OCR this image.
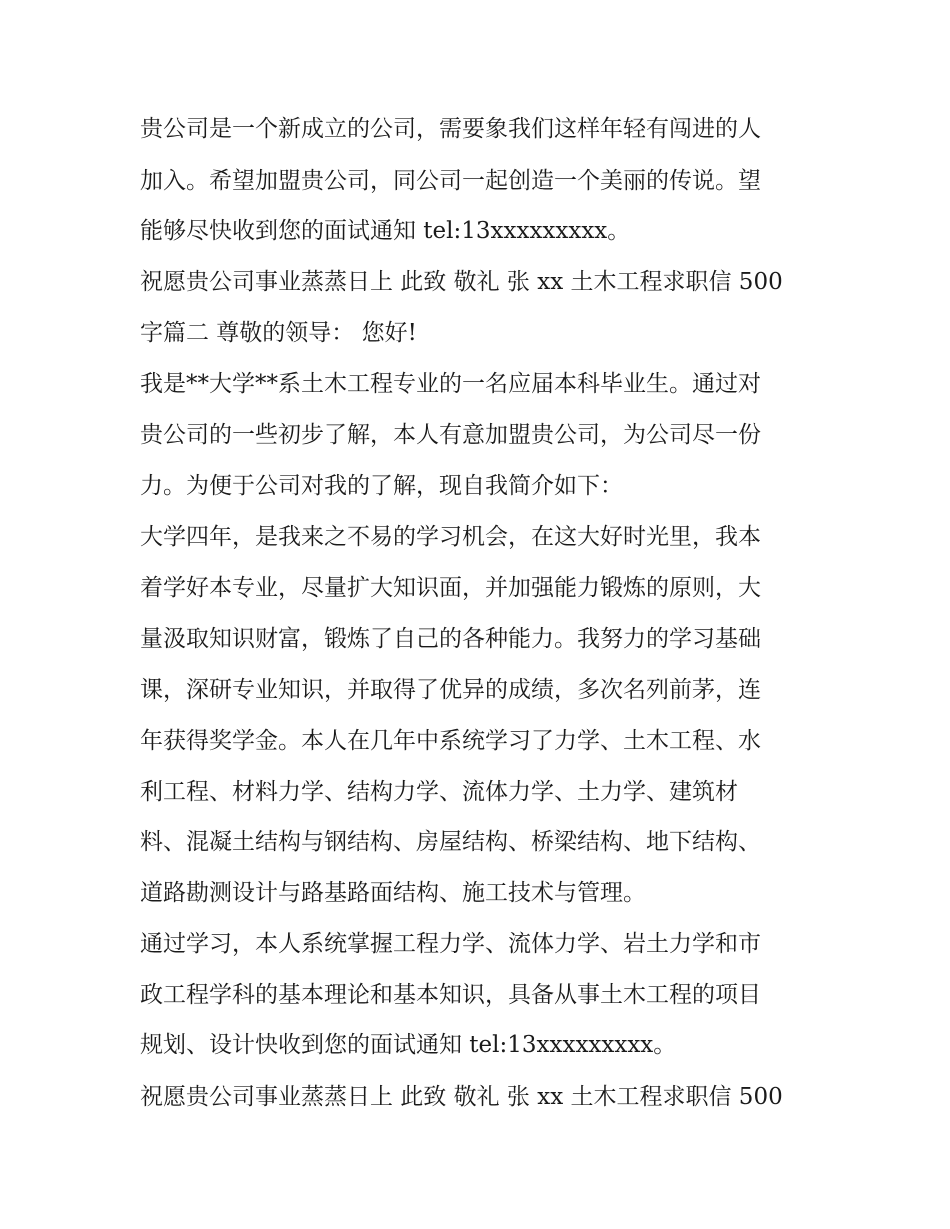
贵公司是一个新成立的公司，需要象我们这样年轻有闯进的人
加入。希望加盟贵公司，同公司一起创造一个美丽的传说。望
能够尽快收到您的面试通知 tel:13xxxxxxxxx。
祝愿贵公司事业蒸蒸日上 此致 敬礼 张 xx 土木工程求职信 500
字篇二 尊敬的领导： 您好!
我是**大学**系土木工程专业的一名应届本科毕业生。通过对
贵公司的一些初步了解，本人有意加盟贵公司，为公司尽一份
力。为便于公司对我的了解，现自我简介如下：
大学四年，是我来之不易的学习机会，在这大好时光里，我本
着学好本专业，尽量扩大知识面，并加强能力锻炼的原则，大
量汲取知识财富，锻炼了自己的各种能力。我努力的学习基础
课，深研专业知识，并取得了优异的成绩，多次名列前茅，连
年获得奖学金。本人在几年中系统学习了力学、土木工程、水
利工程、材料力学、结构力学、流体力学、土力学、建筑材
料、混凝土结构与钢结构、房屋结构、桥梁结构、地下结构、
道路勘测设计与路基路面结构、施工技术与管理。
通过学习，本人系统掌握工程力学、流体力学、岩土力学和市
政工程学科的基本理论和基本知识，具备从事土木工程的项目
规划、设计快收到您的面试通知 tel:13xxxxxxxxx。
祝愿贵公司事业蒸蒸日上 此致 敬礼 张 xx 土木工程求职信 500
